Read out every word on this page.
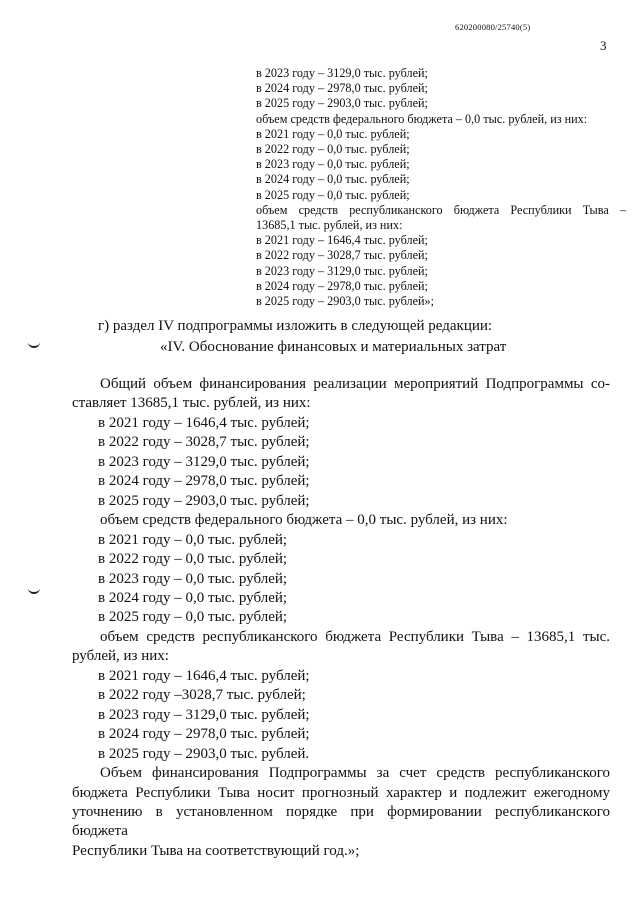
620200080/25740(5)
3
в 2023 году – 3129,0 тыс. рублей;
в 2024 году – 2978,0 тыс. рублей;
в 2025 году – 2903,0 тыс. рублей;
объем средств федерального бюджета – 0,0 тыс. рублей, из них:
в 2021 году – 0,0 тыс. рублей;
в 2022 году – 0,0 тыс. рублей;
в 2023 году – 0,0 тыс. рублей;
в 2024 году – 0,0 тыс. рублей;
в 2025 году – 0,0 тыс. рублей;
объем средств республиканского бюджета Республики Тыва –
13685,1 тыс. рублей, из них:
в 2021 году – 1646,4 тыс. рублей;
в 2022 году – 3028,7 тыс. рублей;
в 2023 году – 3129,0 тыс. рублей;
в 2024 году – 2978,0 тыс. рублей;
в 2025 году – 2903,0 тыс. рублей»;
г) раздел IV подпрограммы изложить в следующей редакции:
«IV. Обоснование финансовых и материальных затрат
Общий объем финансирования реализации мероприятий Подпрограммы со-
ставляет 13685,1 тыс. рублей, из них:
в 2021 году – 1646,4 тыс. рублей;
в 2022 году – 3028,7 тыс. рублей;
в 2023 году – 3129,0 тыс. рублей;
в 2024 году – 2978,0 тыс. рублей;
в 2025 году – 2903,0 тыс. рублей;
объем средств федерального бюджета – 0,0 тыс. рублей, из них:
в 2021 году – 0,0 тыс. рублей;
в 2022 году – 0,0 тыс. рублей;
в 2023 году – 0,0 тыс. рублей;
в 2024 году – 0,0 тыс. рублей;
в 2025 году – 0,0 тыс. рублей;
объем средств республиканского бюджета Республики Тыва – 13685,1 тыс.
рублей, из них:
в 2021 году – 1646,4 тыс. рублей;
в 2022 году –3028,7 тыс. рублей;
в 2023 году – 3129,0 тыс. рублей;
в 2024 году – 2978,0 тыс. рублей;
в 2025 году – 2903,0 тыс. рублей.
Объем финансирования Подпрограммы за счет средств республиканского
бюджета Республики Тыва носит прогнозный характер и подлежит ежегодному
уточнению в установленном порядке при формировании республиканского бюджета
Республики Тыва на соответствующий год.»;
